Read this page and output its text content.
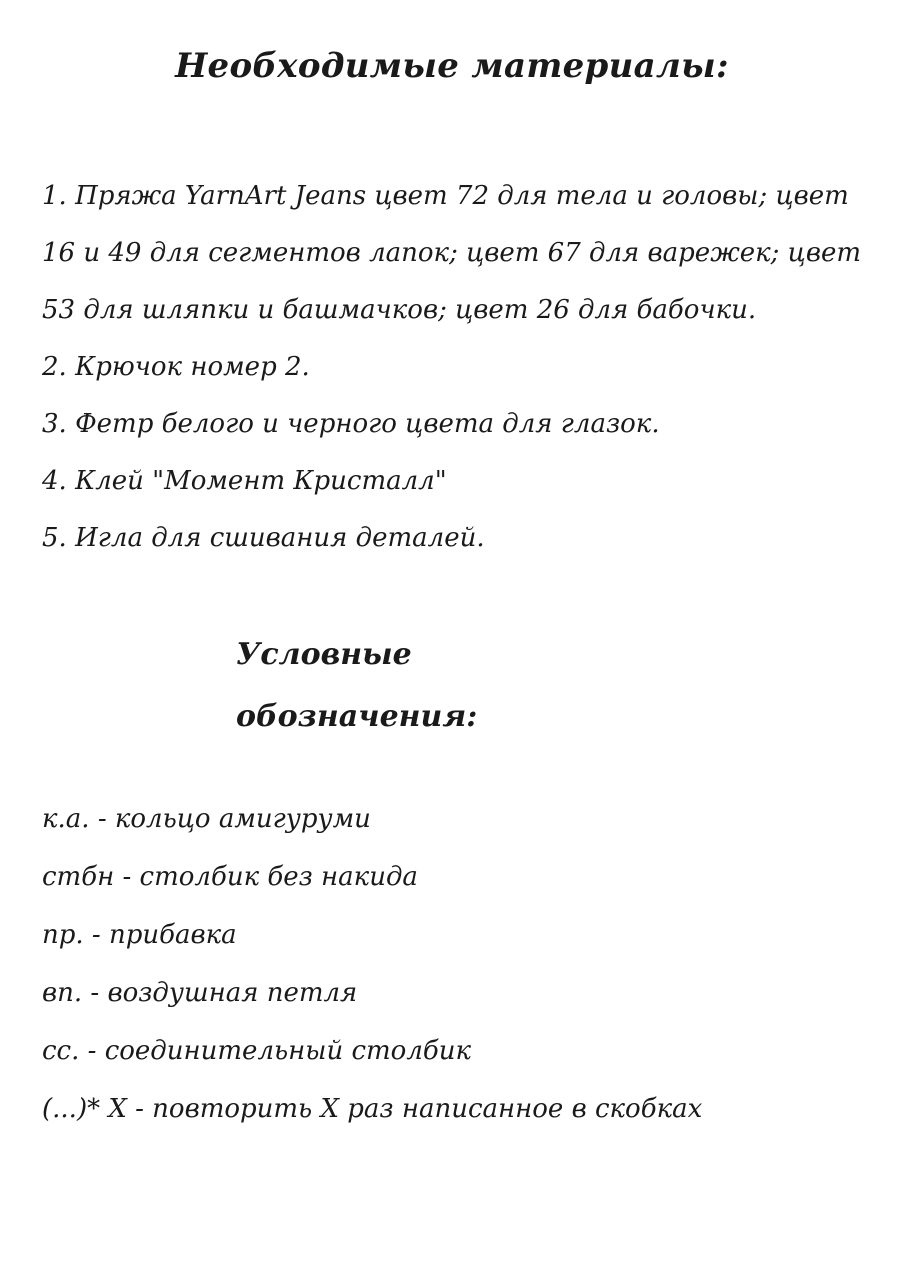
Необходимые материалы:
1. Пряжа YarnArt Jeans цвет 72 для тела и головы; цвет
16 и 49 для сегментов лапок; цвет 67 для варежек; цвет
53 для шляпки и башмачков; цвет 26 для бабочки.
2. Крючок номер 2.
3. Фетр белого и черного цвета для глазок.
4. Клей "Момент Кристалл"
5. Игла для сшивания деталей.
Условные
обозначения:
к.а. - кольцо амигуруми
стбн - столбик без накида
пр. - прибавка
вп. - воздушная петля
сс. - соединительный столбик
(...)* Х - повторить Х раз написанное в скобках
